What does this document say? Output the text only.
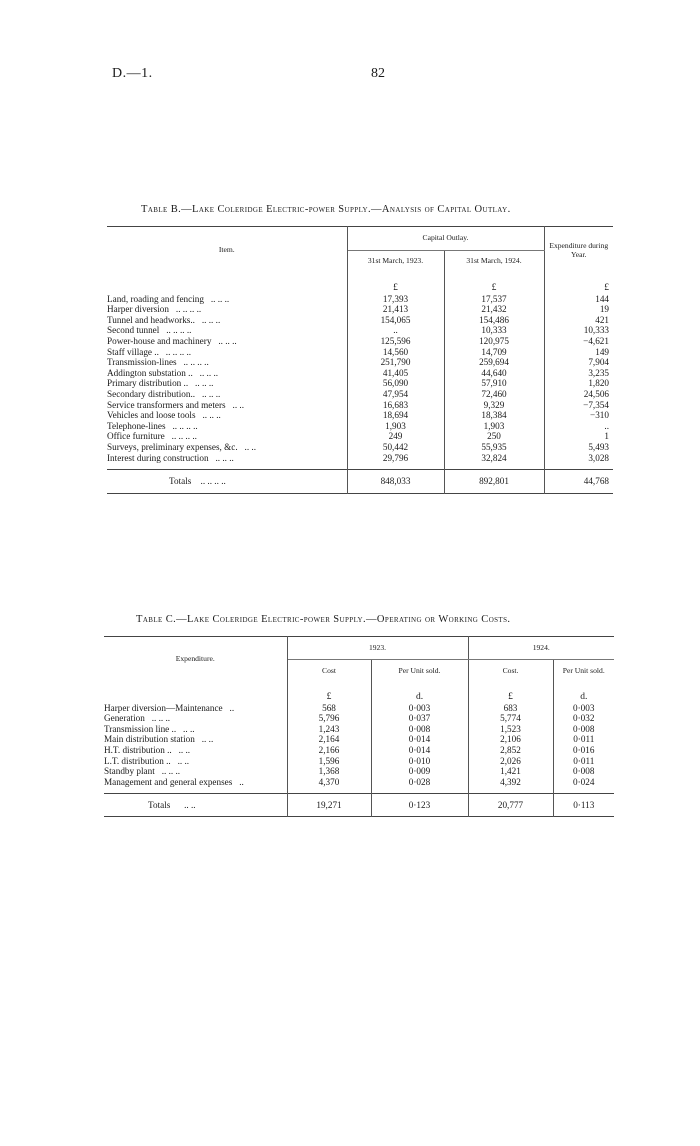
D.—1.	82
Table B.—Lake Coleridge Electric-power Supply.—Analysis of Capital Outlay.
Item.	Capital Outlay.		Expenditure during Year.
	31st March, 1923.	31st March, 1924.	
	£	£	£
Land, roading and fencing .. .. ..	17,393	17,537	144
Harper diversion .. .. .. ..	21,413	21,432	19
Tunnel and headworks.. .. .. ..	154,065	154,486	421
Second tunnel .. .. .. ..	..	10,333	10,333
Power-house and machinery .. .. ..	125,596	120,975	−4,621
Staff village .. .. .. .. ..	14,560	14,709	149
Transmission-lines .. .. .. ..	251,790	259,694	7,904
Addington substation .. .. .. ..	41,405	44,640	3,235
Primary distribution .. .. .. ..	56,090	57,910	1,820
Secondary distribution.. .. .. ..	47,954	72,460	24,506
Service transformers and meters .. ..	16,683	9,329	−7,354
Vehicles and loose tools .. .. ..	18,694	18,384	−310
Telephone-lines .. .. .. ..	1,903	1,903	..
Office furniture .. .. .. ..	249	250	1
Surveys, preliminary expenses, &c. .. ..	50,442	55,935	5,493
Interest during construction .. .. ..	29,796	32,824	3,028
Totals .. .. .. ..	848,033	892,801	44,768
Table C.—Lake Coleridge Electric-power Supply.—Operating or Working Costs.
Expenditure.	1923.		1924.	
	Cost	Per Unit sold.	Cost.	Per Unit sold.
	£	d.	£	d.
Harper diversion—Maintenance ..	568	0·003	683	0·003
Generation .. .. ..	5,796	0·037	5,774	0·032
Transmission line .. .. ..	1,243	0·008	1,523	0·008
Main distribution station .. ..	2,164	0·014	2,106	0·011
H.T. distribution .. .. ..	2,166	0·014	2,852	0·016
L.T. distribution .. .. ..	1,596	0·010	2,026	0·011
Standby plant .. .. ..	1,368	0·009	1,421	0·008
Management and general expenses ..	4,370	0·028	4,392	0·024
Totals .. ..	19,271	0·123	20,777	0·113
